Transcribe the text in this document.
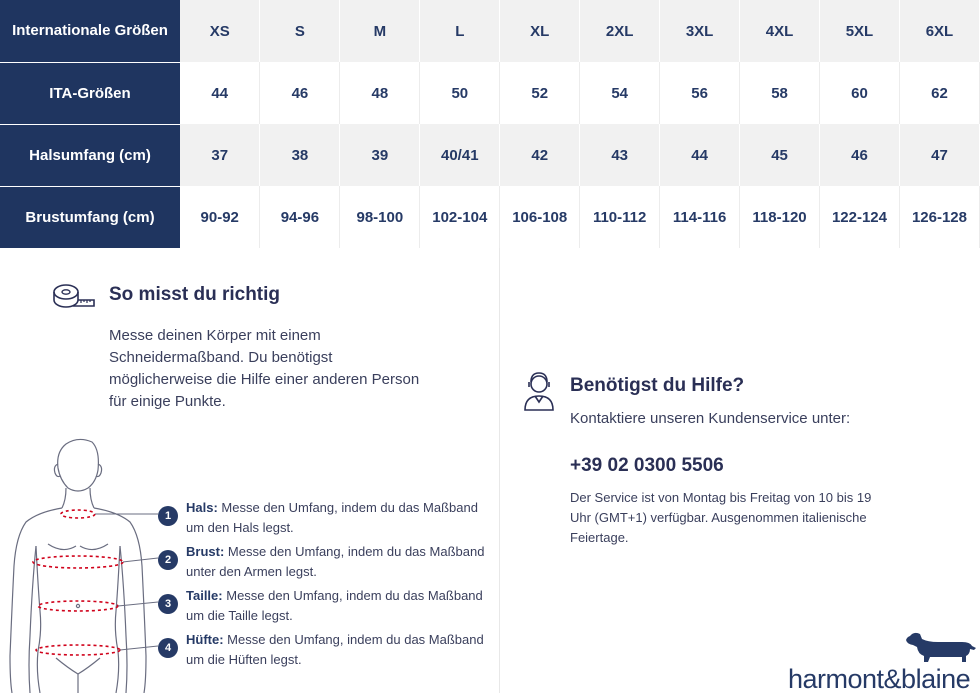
Internationale Größen	XS	S	M	L	XL	2XL	3XL	4XL	5XL	6XL
ITA-Größen	44	46	48	50	52	54	56	58	60	62
Halsumfang (cm)	37	38	39	40/41	42	43	44	45	46	47
Brustumfang (cm)	90-92	94-96	98-100	102-104	106-108	110-112	114-116	118-120	122-124	126-128
So misst du richtig
Messe deinen Körper mit einem Schneidermaßband. Du benötigst möglicherweise die Hilfe einer anderen Person für einige Punkte.
1
Hals: Messe den Umfang, indem du das Maßband um den Hals legst.
2
Brust: Messe den Umfang, indem du das Maßband unter den Armen legst.
3
Taille: Messe den Umfang, indem du das Maßband um die Taille legst.
4
Hüfte: Messe den Umfang, indem du das Maßband um die Hüften legst.
Benötigst du Hilfe?
Kontaktiere unseren Kundenservice unter:
+39 02 0300 5506
Der Service ist von Montag bis Freitag von 10 bis 19 Uhr (GMT+1) verfügbar. Ausgenommen italienische Feiertage.
harmont&blaine
